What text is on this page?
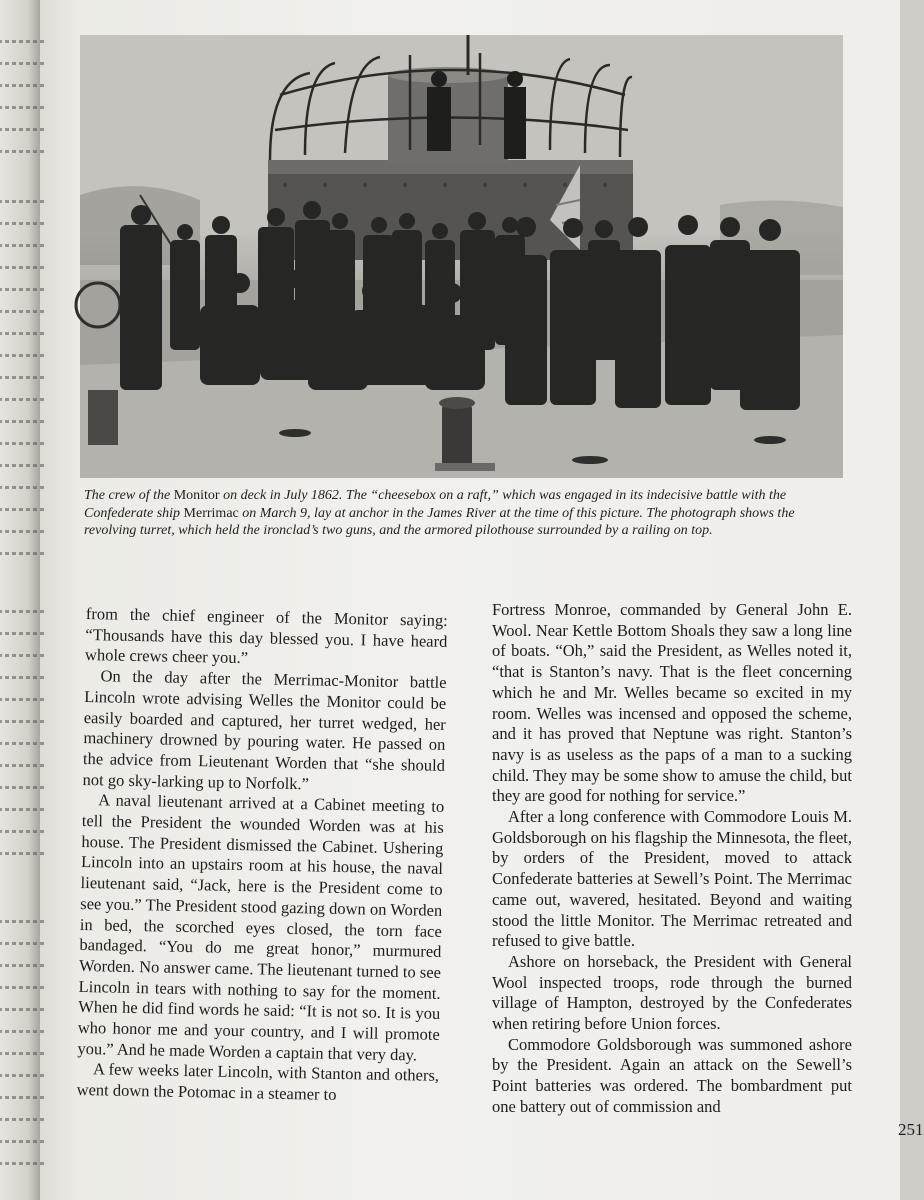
The crew of the Monitor on deck in July 1862. The “cheesebox on a raft,” which was engaged in its indecisive battle with the Confederate ship Merrimac on March 9, lay at anchor in the James River at the time of this picture. The photograph shows the revolving turret, which held the ironclad’s two guns, and the armored pilothouse surrounded by a railing on top.

from the chief engineer of the Monitor saying: “Thousands have this day blessed you. I have heard whole crews cheer you.”

On the day after the Merrimac-Monitor battle Lincoln wrote advising Welles the Monitor could be easily boarded and captured, her turret wedged, her machinery drowned by pouring water. He passed on the advice from Lieutenant Worden that “she should not go sky-larking up to Norfolk.”

A naval lieutenant arrived at a Cabinet meeting to tell the President the wounded Worden was at his house. The President dismissed the Cabinet. Ushering Lincoln into an upstairs room at his house, the naval lieutenant said, “Jack, here is the President come to see you.” The President stood gazing down on Worden in bed, the scorched eyes closed, the torn face bandaged. “You do me great honor,” murmured Worden. No answer came. The lieutenant turned to see Lincoln in tears with nothing to say for the moment. When he did find words he said: “It is not so. It is you who honor me and your country, and I will promote you.” And he made Worden a captain that very day.

A few weeks later Lincoln, with Stanton and others, went down the Potomac in a steamer to

Fortress Monroe, commanded by General John E. Wool. Near Kettle Bottom Shoals they saw a long line of boats. “Oh,” said the President, as Welles noted it, “that is Stanton’s navy. That is the fleet concerning which he and Mr. Welles became so excited in my room. Welles was incensed and opposed the scheme, and it has proved that Neptune was right. Stanton’s navy is as useless as the paps of a man to a sucking child. They may be some show to amuse the child, but they are good for nothing for service.”

After a long conference with Commodore Louis M. Goldsborough on his flagship the Minnesota, the fleet, by orders of the President, moved to attack Confederate batteries at Sewell’s Point. The Merrimac came out, wavered, hesitated. Beyond and waiting stood the little Monitor. The Merrimac retreated and refused to give battle.

Ashore on horseback, the President with General Wool inspected troops, rode through the burned village of Hampton, destroyed by the Confederates when retiring before Union forces.

Commodore Goldsborough was summoned ashore by the President. Again an attack on the Sewell’s Point batteries was ordered. The bombardment put one battery out of commission and

251
